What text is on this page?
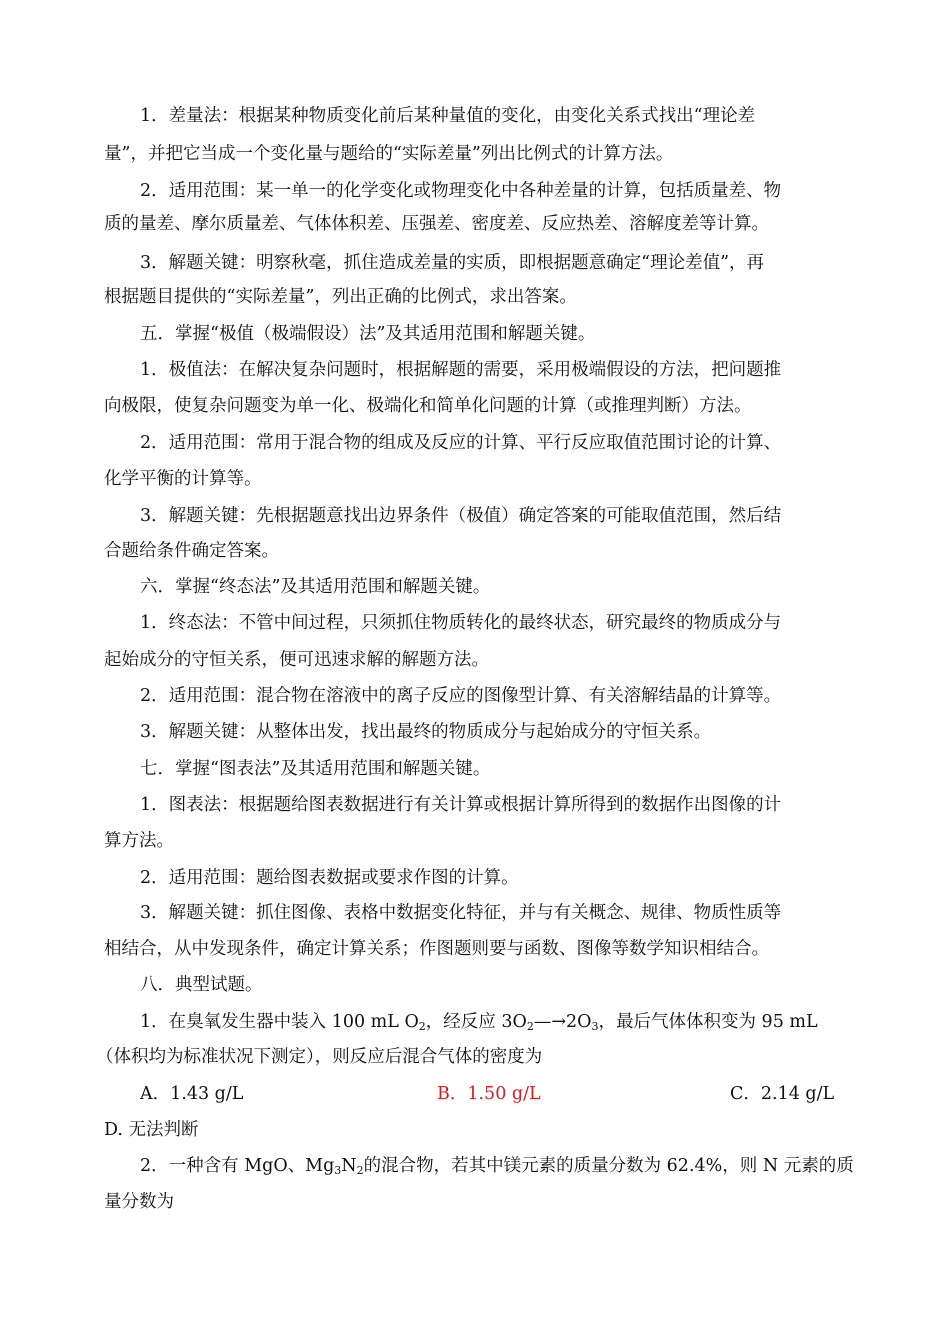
1．差量法：根据某种物质变化前后某种量值的变化，由变化关系式找出“理论差
量”，并把它当成一个变化量与题给的“实际差量”列出比例式的计算方法。
2．适用范围：某一单一的化学变化或物理变化中各种差量的计算，包括质量差、物
质的量差、摩尔质量差、气体体积差、压强差、密度差、反应热差、溶解度差等计算。
3．解题关键：明察秋毫，抓住造成差量的实质，即根据题意确定“理论差值”，再
根据题目提供的“实际差量”，列出正确的比例式，求出答案。
五．掌握“极值（极端假设）法”及其适用范围和解题关键。
1．极值法：在解决复杂问题时，根据解题的需要，采用极端假设的方法，把问题推
向极限，使复杂问题变为单一化、极端化和简单化问题的计算（或推理判断）方法。
2．适用范围：常用于混合物的组成及反应的计算、平行反应取值范围讨论的计算、
化学平衡的计算等。
3．解题关键：先根据题意找出边界条件（极值）确定答案的可能取值范围，然后结
合题给条件确定答案。
六．掌握“终态法”及其适用范围和解题关键。
1．终态法：不管中间过程，只须抓住物质转化的最终状态，研究最终的物质成分与
起始成分的守恒关系，便可迅速求解的解题方法。
2．适用范围：混合物在溶液中的离子反应的图像型计算、有关溶解结晶的计算等。
3．解题关键：从整体出发，找出最终的物质成分与起始成分的守恒关系。
七．掌握“图表法”及其适用范围和解题关键。
1．图表法：根据题给图表数据进行有关计算或根据计算所得到的数据作出图像的计
算方法。
2．适用范围：题给图表数据或要求作图的计算。
3．解题关键：抓住图像、表格中数据变化特征，并与有关概念、规律、物质性质等
相结合，从中发现条件，确定计算关系；作图题则要与函数、图像等数学知识相结合。
八．典型试题。
1．在臭氧发生器中装入 100 mL $O_2$，经反应 $3O_2—\to 2O_3$，最后气体体积变为 95 mL
（体积均为标准状况下测定），则反应后混合气体的密度为
A．1.43 g/L	B．1.50 g/L	C．2.14 g/L
D. 无法判断
2．一种含有 MgO、$Mg_3N_2$的混合物，若其中镁元素的质量分数为 62.4%，则 N 元素的质
量分数为
